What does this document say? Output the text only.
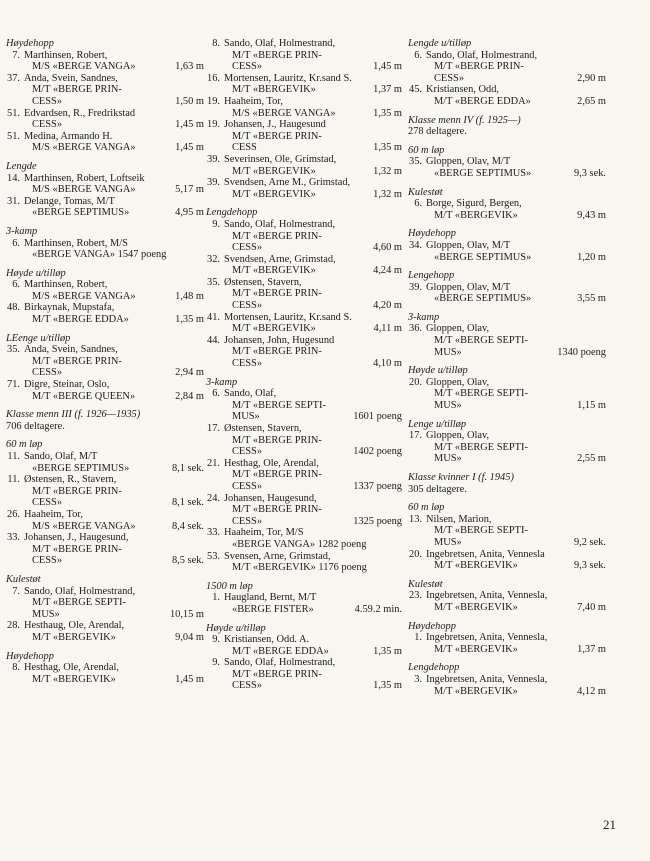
Høydehopp
7. Marthinsen, Robert,
M/S «BERGE VANGA»	1,63 m
37. Anda, Svein, Sandnes,
M/T «BERGE PRIN-
CESS»	1,50 m
51. Edvardsen, R., Fredrikstad
CESS»	1,45 m
51. Medina, Armando H.
M/S «BERGE VANGA»	1,45 m
Lengde
14. Marthinsen, Robert, Loftseik
M/S «BERGE VANGA»	5,17 m
31. Delange, Tomas, M/T
«BERGE SEPTIMUS»	4,95 m
3-kamp
6. Marthinsen, Robert, M/S
«BERGE VANGA» 1547 poeng
Høyde u/tilløp
6. Marthinsen, Robert,
M/S «BERGE VANGA»	1,48 m
48. Birkaynak, Mupstafa,
M/T «BERGE EDDA»	1,35 m
LEenge u/tilløp
35. Anda, Svein, Sandnes,
M/T «BERGE PRIN-
CESS»	2,94 m
71. Digre, Steinar, Oslo,
M/T «BERGE QUEEN»	2,84 m
Klasse menn III (f. 1926—1935)
706 deltagere.
60 m løp
11. Sando, Olaf, M/T
«BERGE SEPTIMUS»	8,1 sek.
11. Østensen, R., Stavern,
M/T «BERGE PRIN-
CESS»	8,1 sek.
26. Haaheim, Tor,
M/S «BERGE VANGA»	8,4 sek.
33. Johansen, J., Haugesund,
M/T «BERGE PRIN-
CESS»	8,5 sek.
Kulestøt
7. Sando, Olaf, Holmestrand,
M/T «BERGE SEPTI-
MUS»	10,15 m
28. Hesthaug, Ole, Arendal,
M/T «BERGEVIK»	9,04 m
Høydehopp
8. Hesthag, Ole, Arendal,
M/T «BERGEVIK»	1,45 m
8. Sando, Olaf, Holmestrand,
M/T «BERGE PRIN-
CESS»	1,45 m
16. Mortensen, Lauritz, Kr.sand S.
M/T «BERGEVIK»	1,37 m
19. Haaheim, Tor,
M/S «BERGE VANGA»	1,35 m
19. Johansen, J., Haugesund
M/T «BERGE PRIN-
CESS	1,35 m
39. Severinsen, Ole, Grimstad,
M/T «BERGEVIK»	1,32 m
39. Svendsen, Arne M., Grimstad,
M/T «BERGEVIK»	1,32 m
Lengdehopp
9. Sando, Olaf, Holmestrand,
M/T «BERGE PRIN-
CESS»	4,60 m
32. Svendsen, Arne, Grimstad,
M/T «BERGEVIK»	4,24 m
35. Østensen, Stavern,
M/T «BERGE PRIN-
CESS»	4,20 m
41. Mortensen, Lauritz, Kr.sand S.
M/T «BERGEVIK»	4,11 m
44. Johansen, John, Hugesund
M/T «BERGE PRIN-
CESS»	4,10 m
3-kamp
6. Sando, Olaf,
M/T «BERGE SEPTI-
MUS»	1601 poeng
17. Østensen, Stavern,
M/T «BERGE PRIN-
CESS»	1402 poeng
21. Hesthag, Ole, Arendal,
M/T «BERGE PRIN-
CESS»	1337 poeng
24. Johansen, Haugesund,
M/T «BERGE PRIN-
CESS»	1325 poeng
33. Haaheim, Tor, M/S
«BERGE VANGA» 1282 poeng
53. Svensen, Arne, Grimstad,
M/T «BERGEVIK» 1176 poeng
1500 m løp
1. Haugland, Bernt, M/T
«BERGE FISTER»	4.59.2 min.
Høyde u/tilløp
9. Kristiansen, Odd. A.
M/T «BERGE EDDA»	1,35 m
9. Sando, Olaf, Holmestrand,
M/T «BERGE PRIN-
CESS»	1,35 m
Lengde u/tilløp
6. Sando, Olaf, Holmestrand,
M/T «BERGE PRIN-
CESS»	2,90 m
45. Kristiansen, Odd,
M/T «BERGE EDDA»	2,65 m
Klasse menn IV (f. 1925—)
278 deltagere.
60 m løp
35. Gloppen, Olav, M/T
«BERGE SEPTIMUS»	9,3 sek.
Kulestøt
6. Borge, Sigurd, Bergen,
M/T «BERGEVIK»	9,43 m
Høydehopp
34. Gloppen, Olav, M/T
«BERGE SEPTIMUS»	1,20 m
Lengehopp
39. Gloppen, Olav, M/T
«BERGE SEPTIMUS»	3,55 m
3-kamp
36. Gloppen, Olav,
M/T «BERGE SEPTI-
MUS»	1340 poeng
Høyde u/tilløp
20. Gloppen, Olav,
M/T «BERGE SEPTI-
MUS»	1,15 m
Lenge u/tilløp
17. Gloppen, Olav,
M/T «BERGE SEPTI-
MUS»	2,55 m
Klasse kvinner I (f. 1945)
305 deltagere.
60 m løp
13. Nilsen, Marion,
M/T «BERGE SEPTI-
MUS»	9,2 sek.
20. Ingebretsen, Anita, Vennesla
M/T «BERGEVIK»	9,3 sek.
Kulestøt
23. Ingebretsen, Anita, Vennesla,
M/T «BERGEVIK»	7,40 m
Høydehopp
1. Ingebretsen, Anita, Vennesla,
M/T «BERGEVIK»	1,37 m
Lengdehopp
3. Ingebretsen, Anita, Vennesla,
M/T «BERGEVIK»	4,12 m
21
